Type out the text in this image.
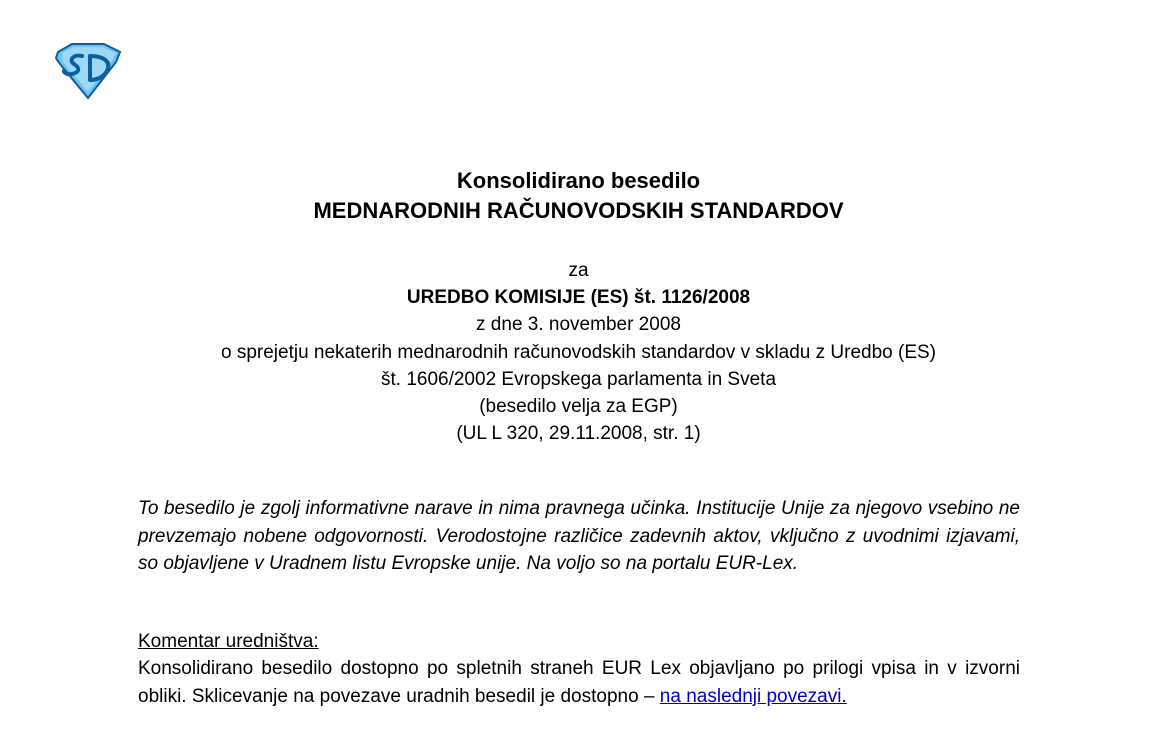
Konsolidirano besedilo
MEDNARODNIH RAČUNOVODSKIH STANDARDOV
za
UREDBO KOMISIJE (ES) št. 1126/2008
z dne 3. november 2008
o sprejetju nekaterih mednarodnih računovodskih standardov v skladu z Uredbo (ES)
št. 1606/2002 Evropskega parlamenta in Sveta
(besedilo velja za EGP)
(UL L 320, 29.11.2008, str. 1)
To besedilo je zgolj informativne narave in nima pravnega učinka. Institucije Unije za njegovo vsebino ne prevzemajo nobene odgovornosti. Verodostojne različice zadevnih aktov, vključno z uvodnimi izjavami, so objavljene v Uradnem listu Evropske unije. Na voljo so na portalu EUR-Lex.
Komentar uredništva:
Konsolidirano besedilo dostopno po spletnih straneh EUR Lex objavljano po prilogi vpisa in v izvorni obliki. Sklicevanje na povezave uradnih besedil je dostopno – na naslednji povezavi.
